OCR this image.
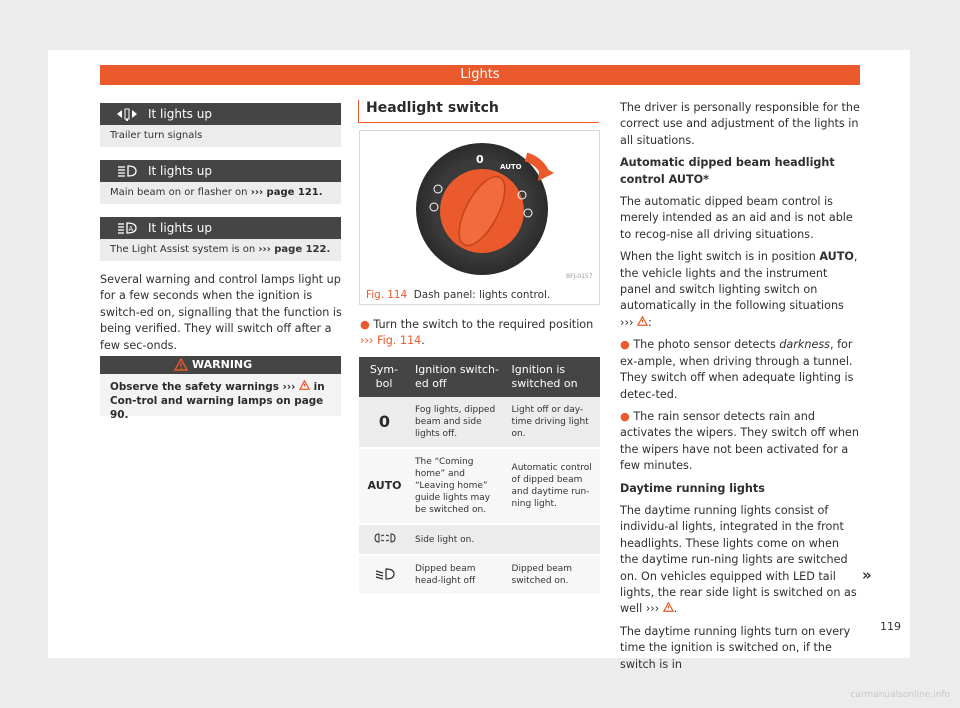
Lights
It lights up
Trailer turn signals
It lights up
Main beam on or flasher on ››› page 121.
A It lights up
The Light Assist system is on ››› page 122.
Several warning and control lamps light up for a few seconds when the ignition is switch-ed on, signalling that the function is being verified. They will switch off after a few sec-onds.
WARNING
Observe the safety warnings ›››  in Con-trol and warning lamps on page 90.
Headlight switch
0
AUTO
BFJ-0157
Fig. 114 Dash panel: lights control.
● Turn the switch to the required position
››› Fig. 114.
Sym-bol	Ignition switch-ed off	Ignition is switched on
0	Fog lights, dipped beam and side lights off.	Light off or day-time driving light on.
AUTO	The “Coming home” and “Leaving home” guide lights may be switched on.	Automatic control of dipped beam and daytime run-ning light.
	Side light on.	
	Dipped beam head-light off	Dipped beam switched on.

The driver is personally responsible for the correct use and adjustment of the lights in all situations.

Automatic dipped beam headlight control AUTO*

The automatic dipped beam control is merely intended as an aid and is not able to recog-nise all driving situations.

When the light switch is in position AUTO, the vehicle lights and the instrument panel and switch lighting switch on automatically in the following situations ››› :

● The photo sensor detects darkness, for ex-ample, when driving through a tunnel. They switch off when adequate lighting is detec-ted.

● The rain sensor detects rain and activates the wipers. They switch off when the wipers have not been activated for a few minutes.

Daytime running lights

The daytime running lights consist of individu-al lights, integrated in the front headlights. These lights come on when the daytime run-ning lights are switched on. On vehicles equipped with LED tail lights, the rear side light is switched on as well ››› .

The daytime running lights turn on every time the ignition is switched on, if the switch is in

»
119
carmanualsonline.info
